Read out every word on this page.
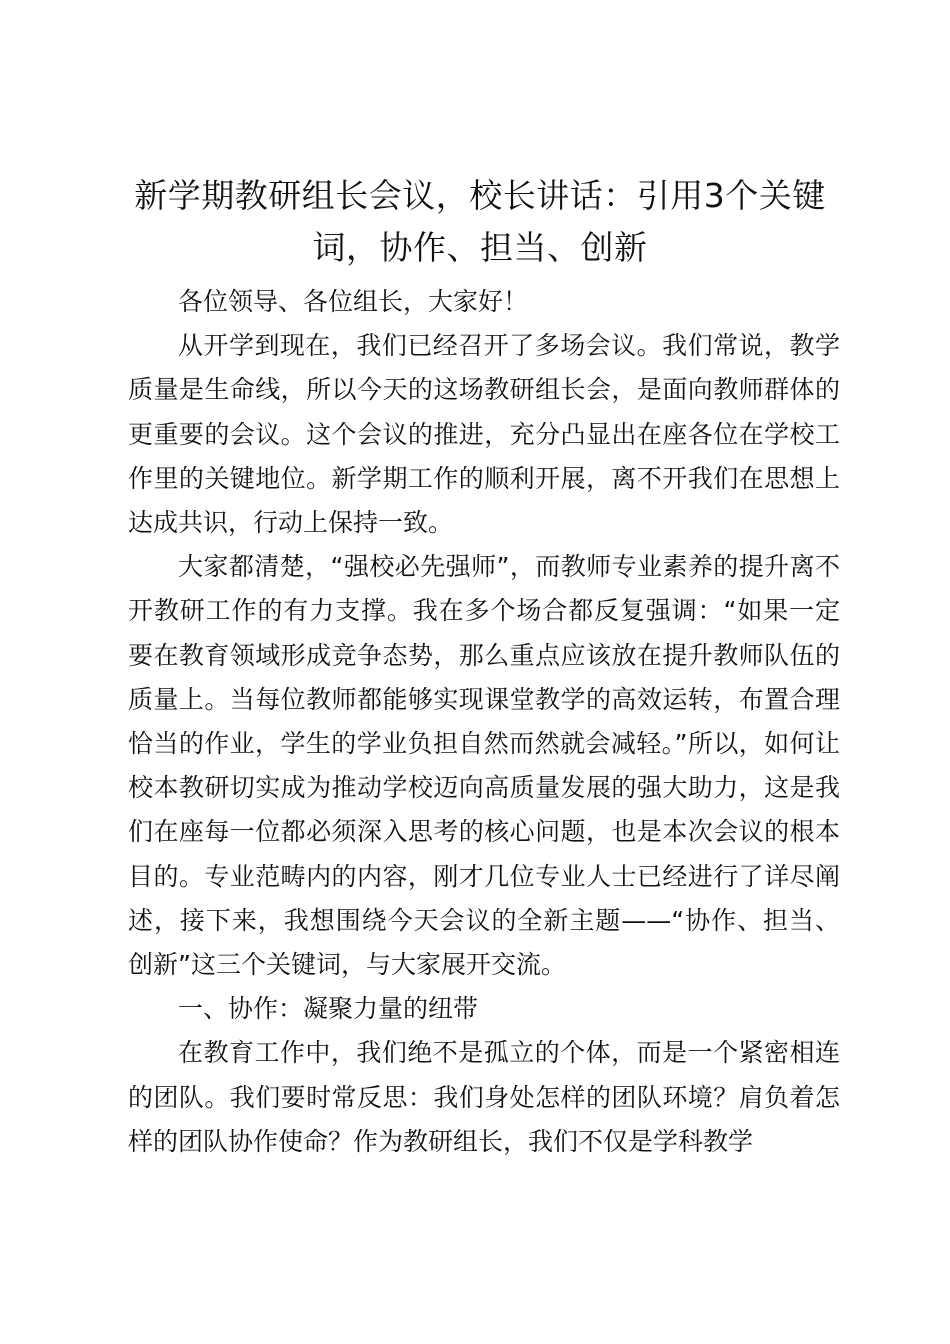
新学期教研组长会议，校长讲话：引用3个关键词，协作、担当、创新

各位领导、各位组长，大家好！

从开学到现在，我们已经召开了多场会议。我们常说，教学质量是生命线，所以今天的这场教研组长会，是面向教师群体的更重要的会议。这个会议的推进，充分凸显出在座各位在学校工作里的关键地位。新学期工作的顺利开展，离不开我们在思想上达成共识，行动上保持一致。

大家都清楚，“强校必先强师”，而教师专业素养的提升离不开教研工作的有力支撑。我在多个场合都反复强调：“如果一定要在教育领域形成竞争态势，那么重点应该放在提升教师队伍的质量上。当每位教师都能够实现课堂教学的高效运转，布置合理恰当的作业，学生的学业负担自然而然就会减轻。”所以，如何让校本教研切实成为推动学校迈向高质量发展的强大助力，这是我们在座每一位都必须深入思考的核心问题，也是本次会议的根本目的。专业范畴内的内容，刚才几位专业人士已经进行了详尽阐述，接下来，我想围绕今天会议的全新主题——“协作、担当、创新”这三个关键词，与大家展开交流。

一、协作：凝聚力量的纽带

在教育工作中，我们绝不是孤立的个体，而是一个紧密相连的团队。我们要时常反思：我们身处怎样的团队环境？肩负着怎样的团队协作使命？作为教研组长，我们不仅是学科教学
